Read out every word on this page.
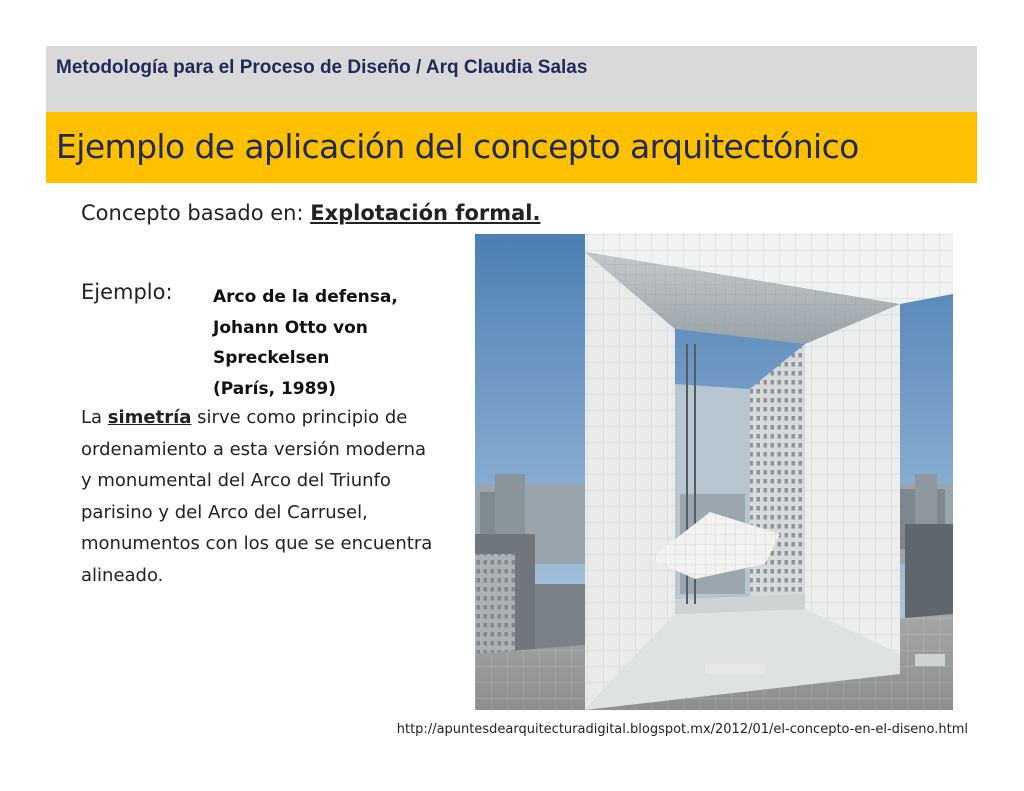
Metodología para el Proceso de Diseño / Arq Claudia Salas
Ejemplo de aplicación del concepto arquitectónico
Concepto basado en: Explotación formal.
Ejemplo: Arco de la defensa,
Johann Otto von
Spreckelsen
(París, 1989)
La simetría sirve como principio de ordenamiento a esta versión moderna y monumental del Arco del Triunfo parisino y del Arco del Carrusel, monumentos con los que se encuentra alineado.
http://apuntesdearquitecturadigital.blogspot.mx/2012/01/el-concepto-en-el-diseno.html
